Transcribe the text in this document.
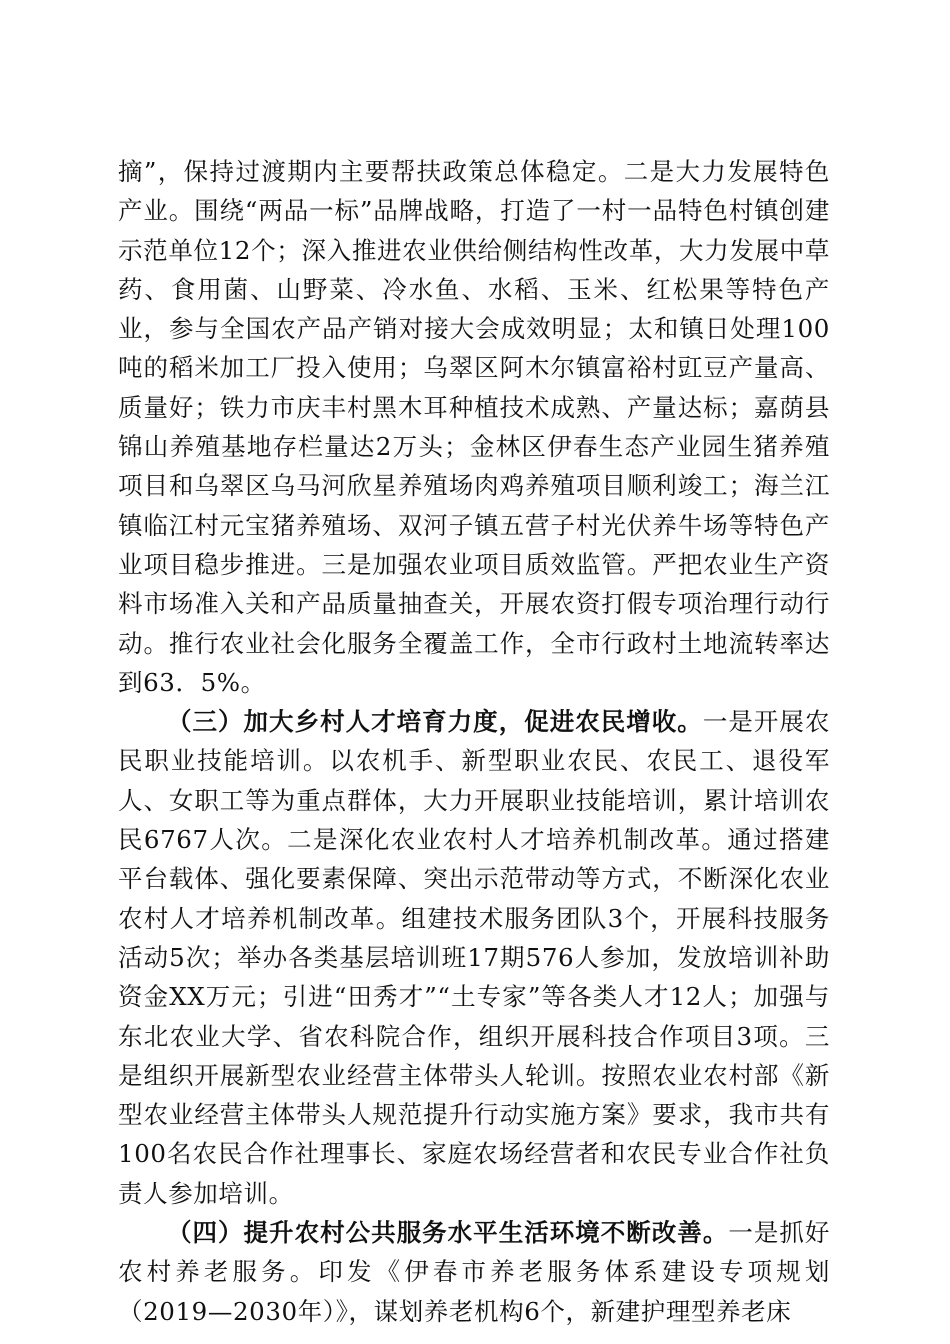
摘”，保持过渡期内主要帮扶政策总体稳定。二是大力发展特色产业。围绕“两品一标”品牌战略，打造了一村一品特色村镇创建示范单位12个；深入推进农业供给侧结构性改革，大力发展中草药、食用菌、山野菜、冷水鱼、水稻、玉米、红松果等特色产业，参与全国农产品产销对接大会成效明显；太和镇日处理100吨的稻米加工厂投入使用；乌翠区阿木尔镇富裕村豇豆产量高、质量好；铁力市庆丰村黑木耳种植技术成熟、产量达标；嘉荫县锦山养殖基地存栏量达2万头；金林区伊春生态产业园生猪养殖项目和乌翠区乌马河欣星养殖场肉鸡养殖项目顺利竣工；海兰江镇临江村元宝猪养殖场、双河子镇五营子村光伏养牛场等特色产业项目稳步推进。三是加强农业项目质效监管。严把农业生产资料市场准入关和产品质量抽查关，开展农资打假专项治理行动行动。推行农业社会化服务全覆盖工作，全市行政村土地流转率达到63．5%。

（三）加大乡村人才培育力度，促进农民增收。一是开展农民职业技能培训。以农机手、新型职业农民、农民工、退役军人、女职工等为重点群体，大力开展职业技能培训，累计培训农民6767人次。二是深化农业农村人才培养机制改革。通过搭建平台载体、强化要素保障、突出示范带动等方式，不断深化农业农村人才培养机制改革。组建技术服务团队3个，开展科技服务活动5次；举办各类基层培训班17期576人参加，发放培训补助资金XX万元；引进“田秀才”“土专家”等各类人才12人；加强与东北农业大学、省农科院合作，组织开展科技合作项目3项。三是组织开展新型农业经营主体带头人轮训。按照农业农村部《新型农业经营主体带头人规范提升行动实施方案》要求，我市共有100名农民合作社理事长、家庭农场经营者和农民专业合作社负责人参加培训。

（四）提升农村公共服务水平生活环境不断改善。一是抓好农村养老服务。印发《伊春市养老服务体系建设专项规划（2019—2030年）》，谋划养老机构6个，新建护理型养老床
